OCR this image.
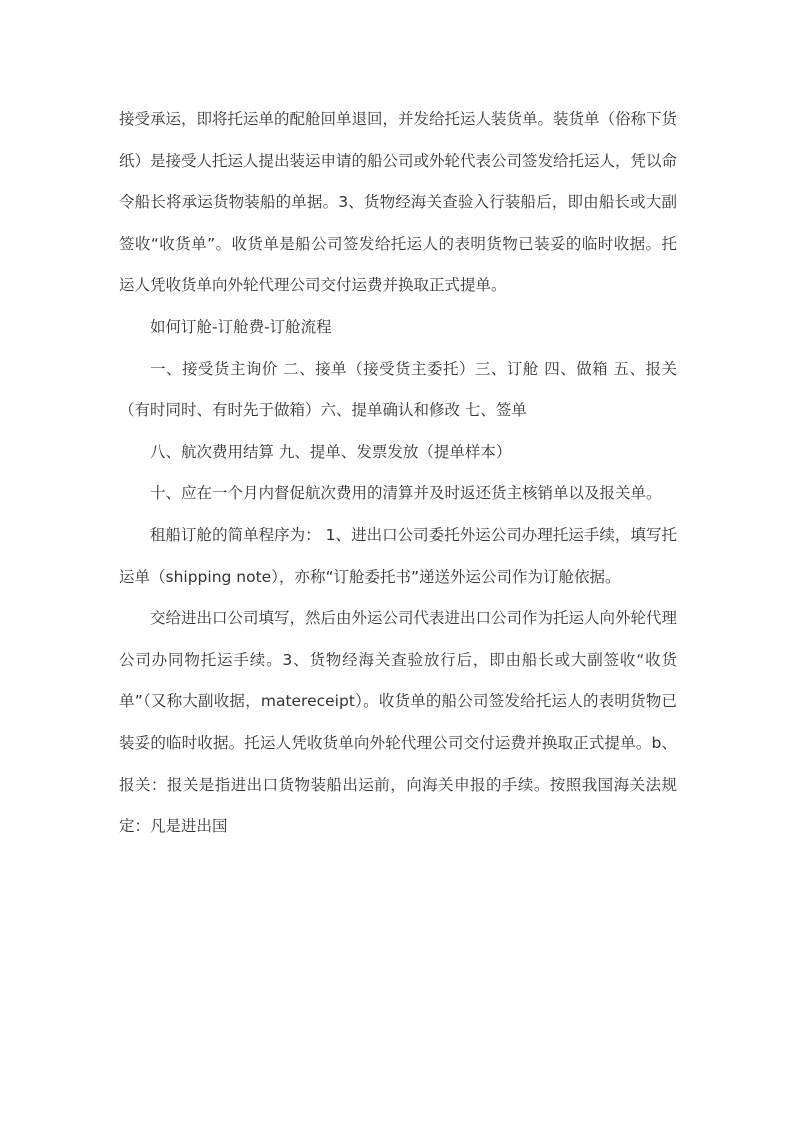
接受承运，即将托运单的配舱回单退回，并发给托运人装货单。装货单（俗称下货纸）是接受人托运人提出装运申请的船公司或外轮代表公司签发给托运人，凭以命令船长将承运货物装船的单据。3、货物经海关查验入行装船后，即由船长或大副签收“收货单”。收货单是船公司签发给托运人的表明货物已装妥的临时收据。托运人凭收货单向外轮代理公司交付运费并换取正式提单。

如何订舱-订舱费-订舱流程

一、接受货主询价 二、接单（接受货主委托）三、订舱 四、做箱 五、报关（有时同时、有时先于做箱）六、提单确认和修改 七、签单

八、航次费用结算 九、提单、发票发放（提单样本）

十、应在一个月内督促航次费用的清算并及时返还货主核销单以及报关单。

租船订舱的简单程序为： 1、进出口公司委托外运公司办理托运手续，填写托运单（shipping note），亦称“订舱委托书”递送外运公司作为订舱依据。

交给进出口公司填写，然后由外运公司代表进出口公司作为托运人向外轮代理公司办同物托运手续。3、货物经海关查验放行后，即由船长或大副签收“收货单”（又称大副收据，matereceipt）。收货单的船公司签发给托运人的表明货物已装妥的临时收据。托运人凭收货单向外轮代理公司交付运费并换取正式提单。b、报关：报关是指进出口货物装船出运前，向海关申报的手续。按照我国海关法规定：凡是进出国
